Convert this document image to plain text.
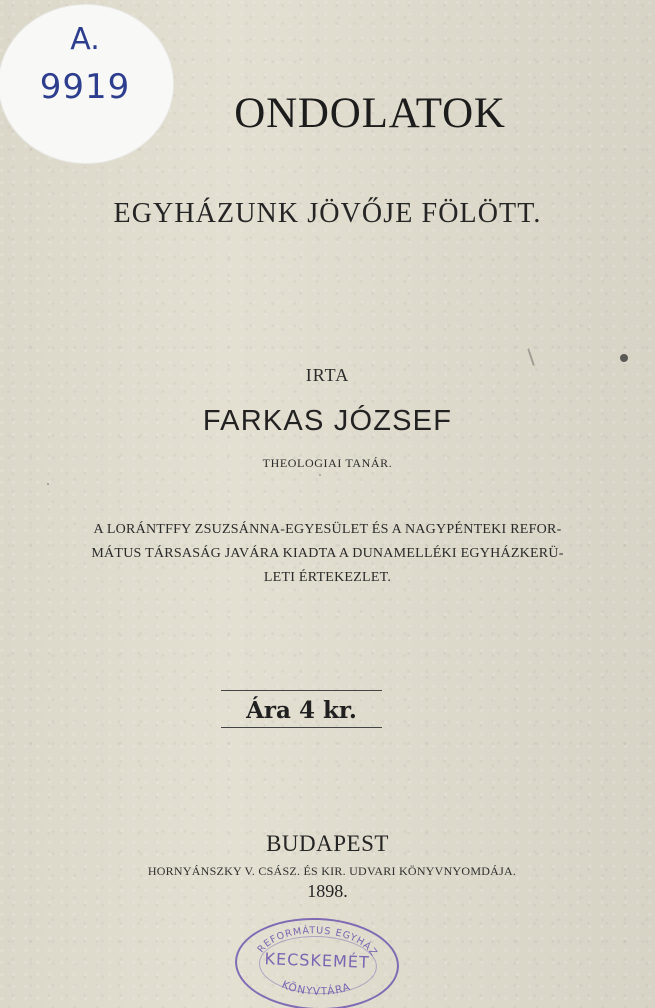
A.
9919
ONDOLATOK
EGYHÁZUNK JÖVŐJE FÖLÖTT.
IRTA
FARKAS JÓZSEF
THEOLOGIAI TANÁR.
A LORÁNTFFY ZSUZSÁNNA-EGYESÜLET ÉS A NAGYPÉNTEKI REFOR-
MÁTUS TÁRSASÁG JAVÁRA KIADTA A DUNAMELLÉKI EGYHÁZKERÜ-
LETI ÉRTEKEZLET.
Ára 4 kr.
BUDAPEST
HORNYÁNSZKY V. CSÁSZ. ÉS KIR. UDVARI KÖNYVNYOMDÁJA.
1898.
REFORMÁTUS EGYHÁZ
KÖNYVTÁRA
KECSKEMÉT
